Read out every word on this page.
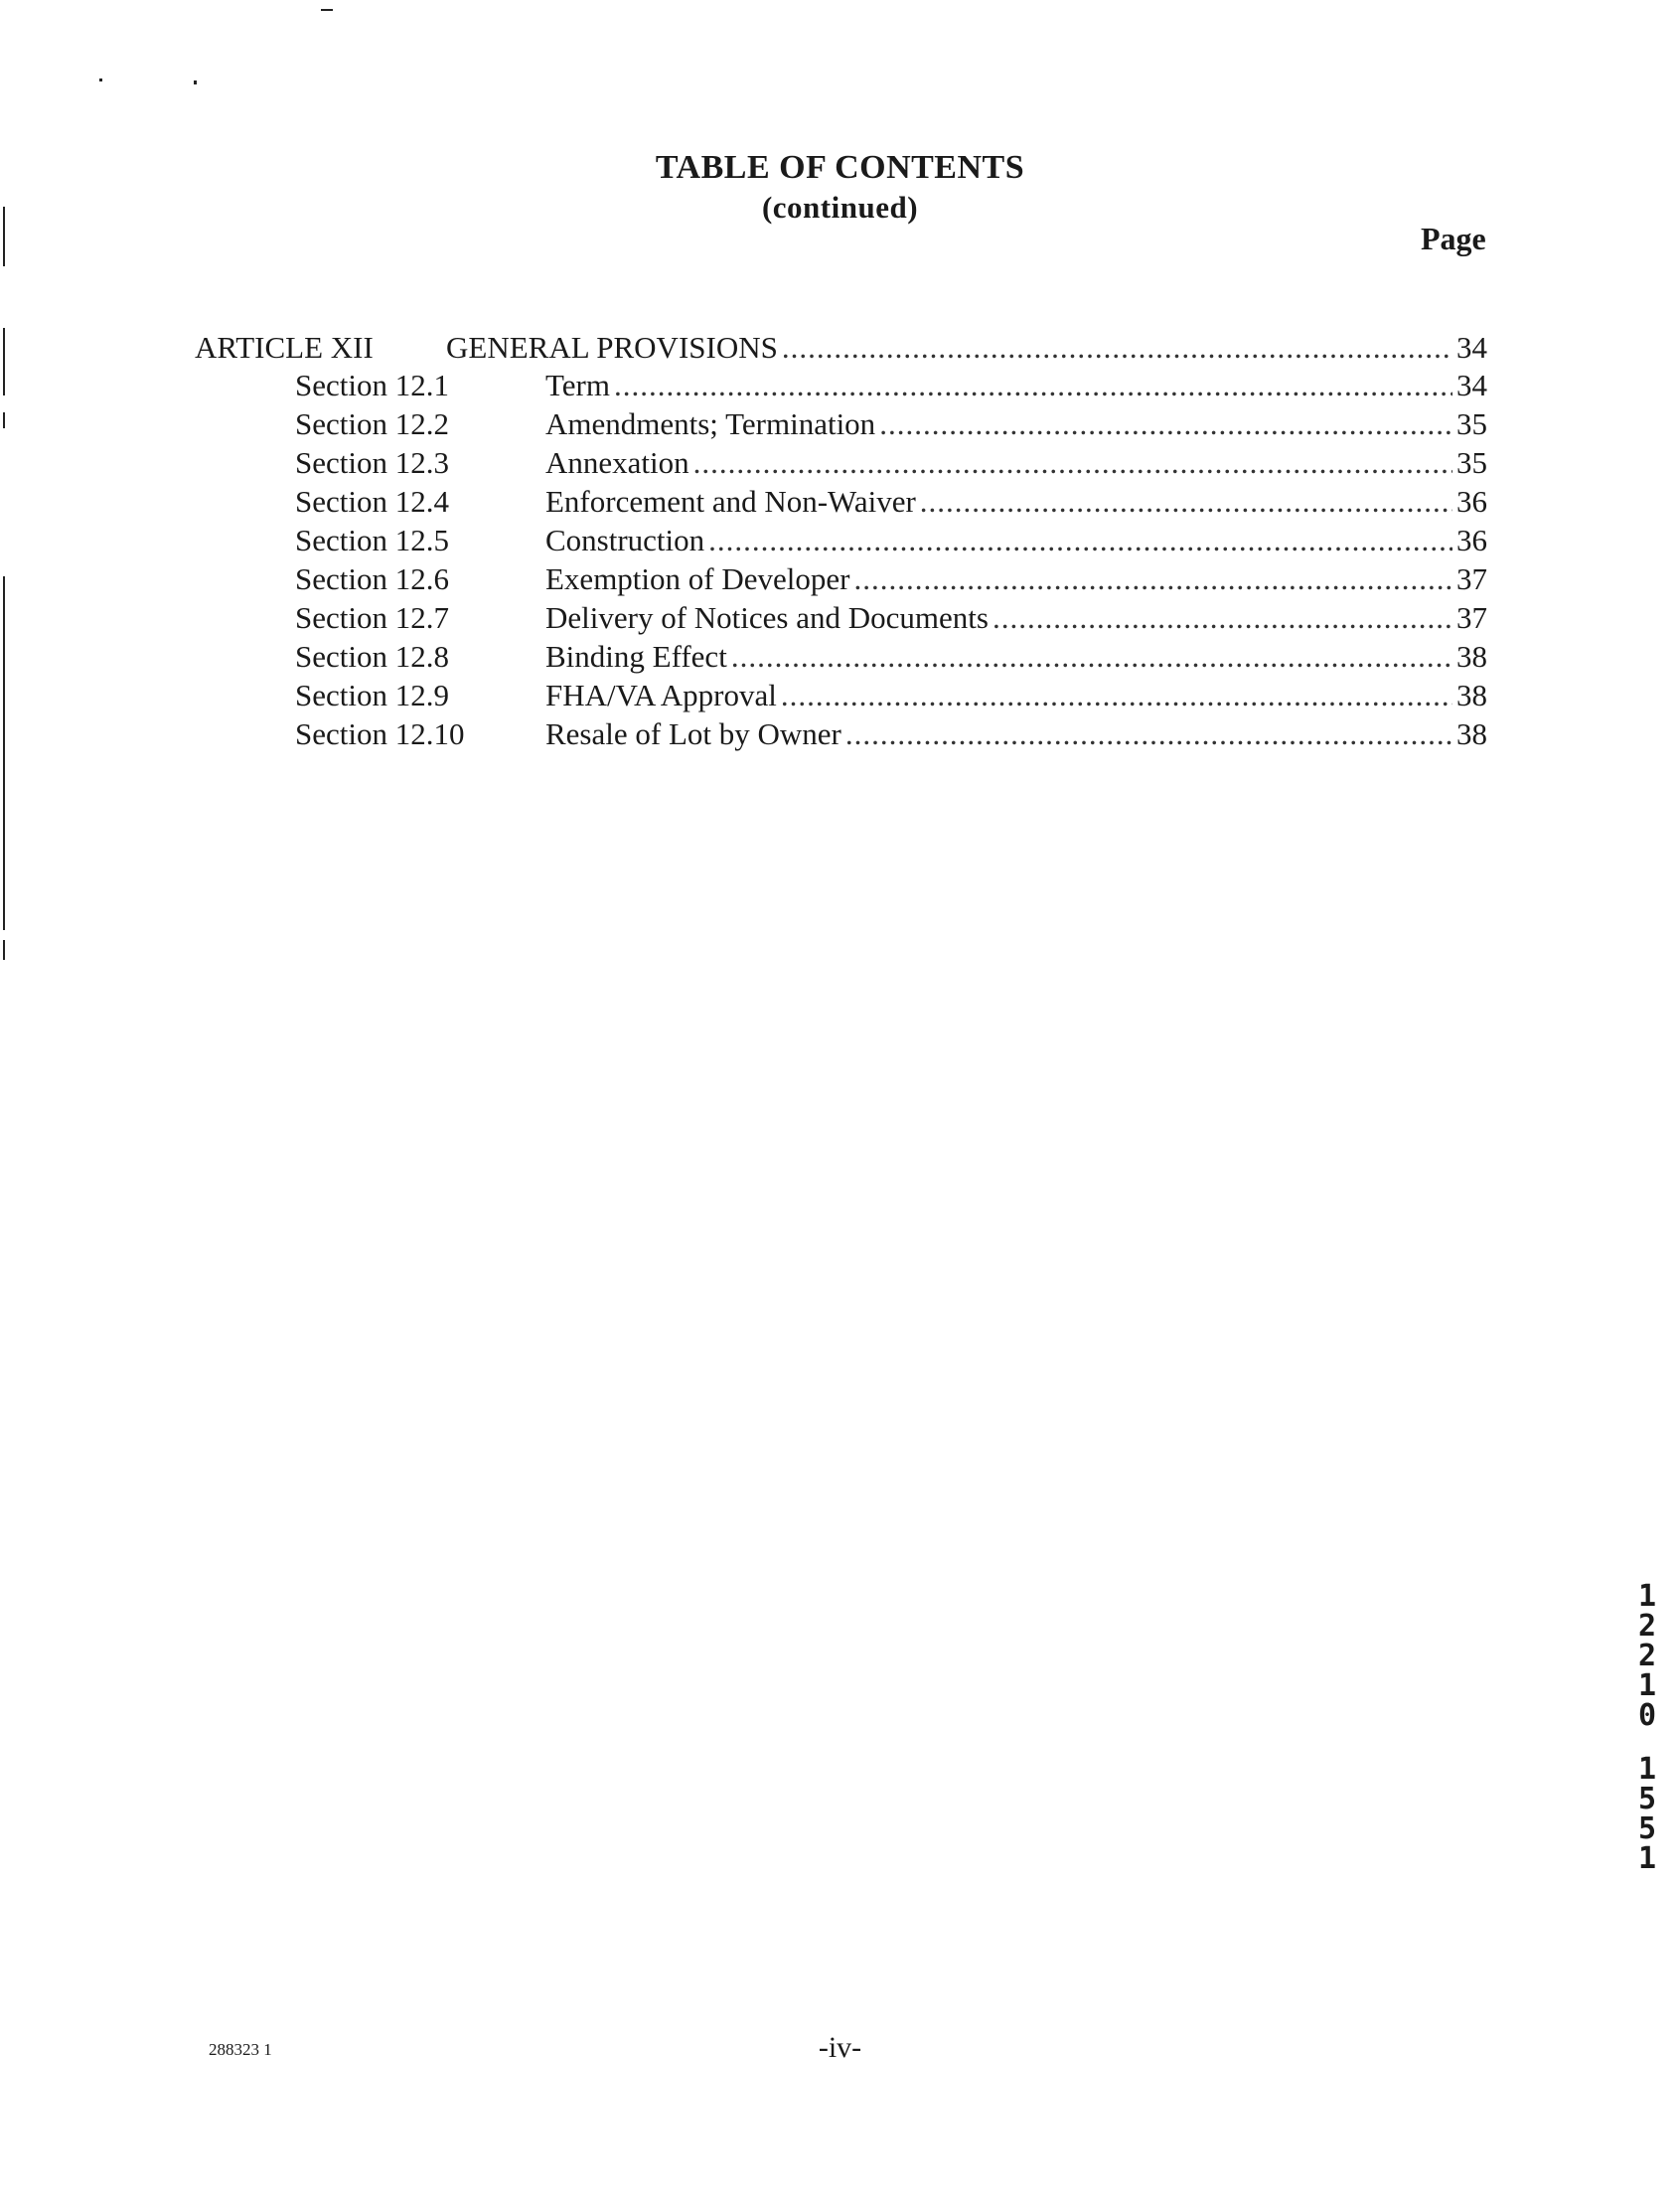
TABLE OF CONTENTS
(continued)
Page
ARTICLE XII GENERAL PROVISIONS .....	34
Section 12.1	Term .....	34
Section 12.2	Amendments; Termination .....	35
Section 12.3	Annexation .....	35
Section 12.4	Enforcement and Non-Waiver .....	36
Section 12.5	Construction .....	36
Section 12.6	Exemption of Developer .....	37
Section 12.7	Delivery of Notices and Documents .....	37
Section 12.8	Binding Effect .....	38
Section 12.9	FHA/VA Approval .....	38
Section 12.10	Resale of Lot by Owner .....	38
1
2
2
1
0
1
5
5
1
288323 1	-iv-
